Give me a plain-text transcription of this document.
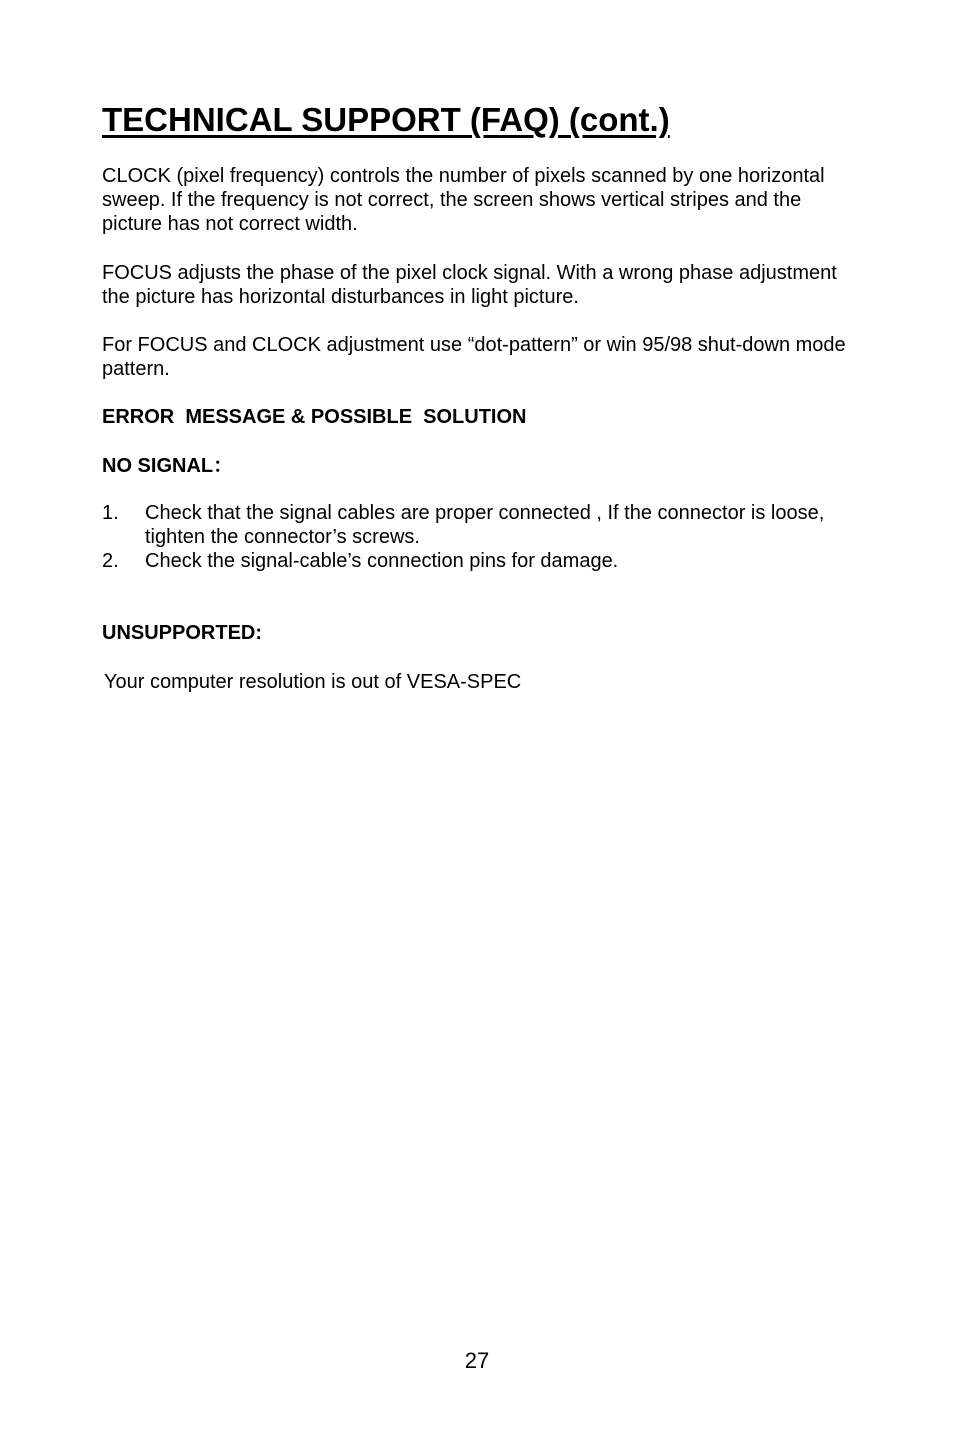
TECHNICAL SUPPORT (FAQ) (cont.)

CLOCK (pixel frequency) controls the number of pixels scanned by one horizontal sweep. If the frequency is not correct, the screen shows vertical stripes and the picture has not correct width.

FOCUS adjusts the phase of the pixel clock signal. With a wrong phase adjustment the picture has horizontal disturbances in light picture.

For FOCUS and CLOCK adjustment use “dot-pattern” or win 95/98 shut-down mode pattern.

ERROR  MESSAGE & POSSIBLE  SOLUTION
NO SIGNAL：
1.	Check that the signal cables are proper connected , If the connector is loose,  tighten the connector’s screws.
2.	Check the signal-cable’s connection pins for damage.
UNSUPPORTED:

Your computer resolution is out of VESA-SPEC

27
